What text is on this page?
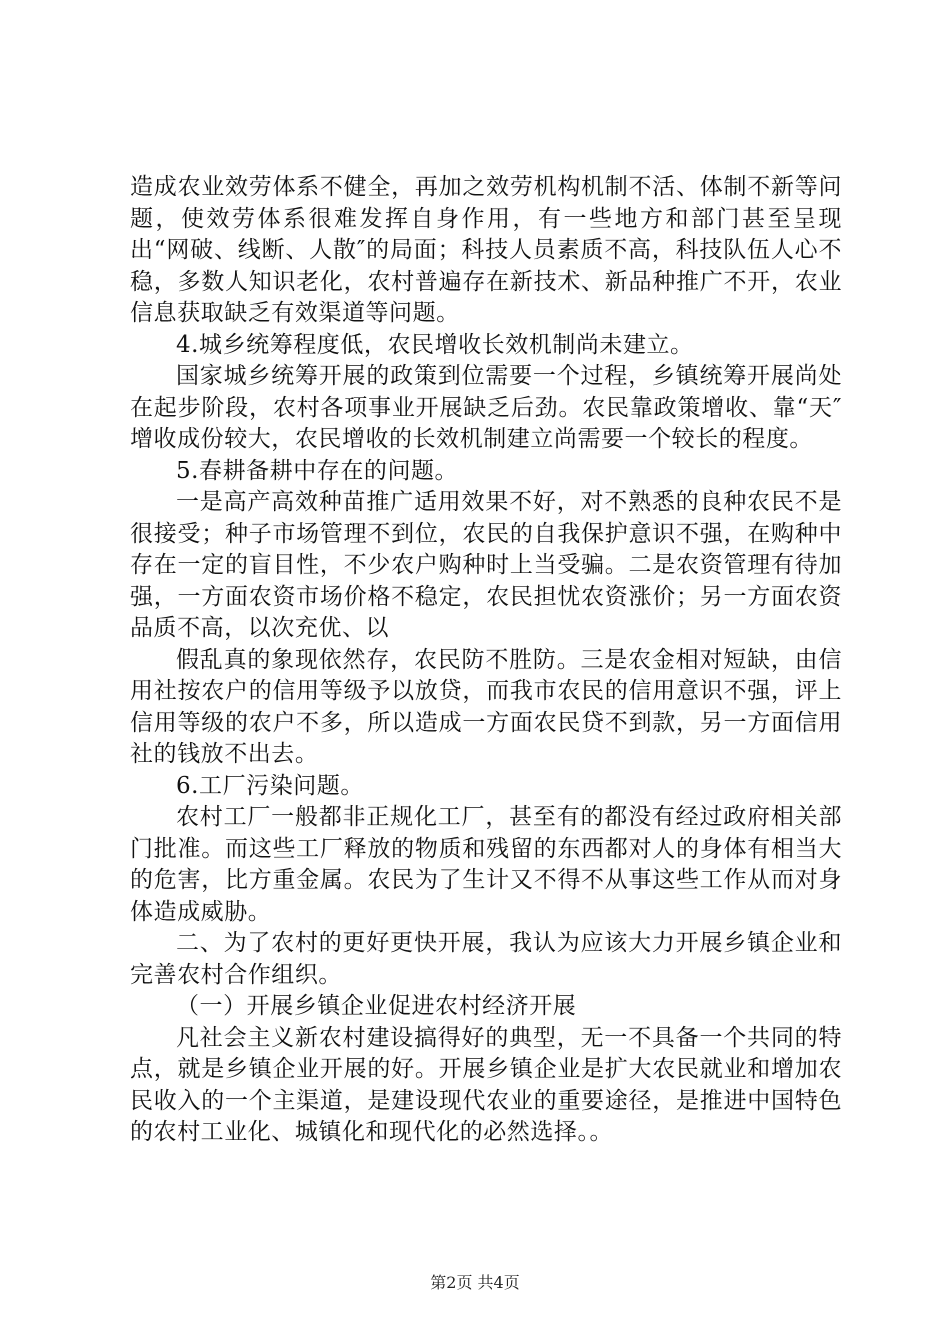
造成农业效劳体系不健全，再加之效劳机构机制不活、体制不新等问题，使效劳体系很难发挥自身作用，有一些地方和部门甚至呈现出“网破、线断、人散″的局面；科技人员素质不高，科技队伍人心不稳，多数人知识老化，农村普遍存在新技术、新品种推广不开，农业信息获取缺乏有效渠道等问题。

4.城乡统筹程度低，农民增收长效机制尚未建立。

国家城乡统筹开展的政策到位需要一个过程，乡镇统筹开展尚处在起步阶段，农村各项事业开展缺乏后劲。农民靠政策增收、靠“天″增收成份较大，农民增收的长效机制建立尚需要一个较长的程度。

5.春耕备耕中存在的问题。

一是高产高效种苗推广适用效果不好，对不熟悉的良种农民不是很接受；种子市场管理不到位，农民的自我保护意识不强，在购种中存在一定的盲目性，不少农户购种时上当受骗。二是农资管理有待加强，一方面农资市场价格不稳定，农民担忧农资涨价；另一方面农资品质不高，以次充优、以

假乱真的象现依然存，农民防不胜防。三是农金相对短缺，由信用社按农户的信用等级予以放贷，而我市农民的信用意识不强，评上信用等级的农户不多，所以造成一方面农民贷不到款，另一方面信用社的钱放不出去。

6.工厂污染问题。

农村工厂一般都非正规化工厂，甚至有的都没有经过政府相关部门批准。而这些工厂释放的物质和残留的东西都对人的身体有相当大的危害，比方重金属。农民为了生计又不得不从事这些工作从而对身体造成威胁。

二、为了农村的更好更快开展，我认为应该大力开展乡镇企业和完善农村合作组织。

（一）开展乡镇企业促进农村经济开展

凡社会主义新农村建设搞得好的典型，无一不具备一个共同的特点，就是乡镇企业开展的好。开展乡镇企业是扩大农民就业和增加农民收入的一个主渠道，是建设现代农业的重要途径，是推进中国特色的农村工业化、城镇化和现代化的必然选择。。

第2页 共4页
